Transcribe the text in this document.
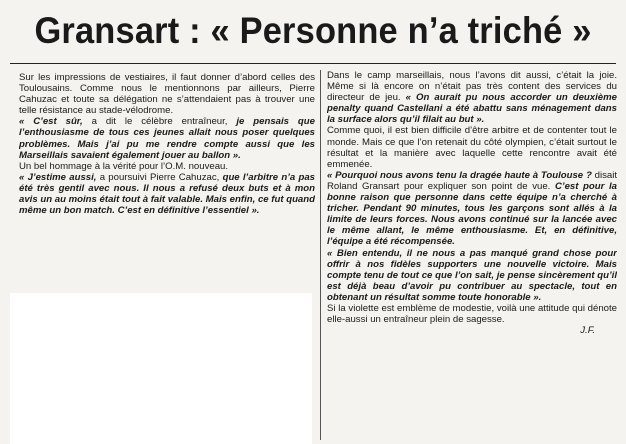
Gransart : « Personne n’a triché »

Sur les impressions de vestiaires, il faut donner d’abord celles des Toulousains. Comme nous le mentionnons par ailleurs, Pierre Cahuzac et toute sa délégation ne s’attendaient pas à trouver une telle résistance au stade-vélodrome.

« C’est sûr, a dit le célèbre entraîneur, je pensais que l’enthousiasme de tous ces jeunes allait nous poser quelques problèmes. Mais j’ai pu me rendre compte aussi que les Marseillais savaient également jouer au ballon ».

Un bel hommage à la vérité pour l’O.M. nouveau.

« J’estime aussi, a poursuivi Pierre Cahuzac, que l’arbitre n’a pas été très gentil avec nous. Il nous a refusé deux buts et à mon avis un au moins était tout à fait valable. Mais enfin, ce fut quand même un bon match. C’est en définitive l’essentiel ».

Dans le camp marseillais, nous l’avons dit aussi, c’était la joie. Même si là encore on n’était pas très content des services du directeur de jeu. « On aurait pu nous accorder un deuxième penalty quand Castellani a été abattu sans ménagement dans la surface alors qu’il filait au but ».

Comme quoi, il est bien difficile d’être arbitre et de contenter tout le monde. Mais ce que l’on retenait du côté olympien, c’était surtout le résultat et la manière avec laquelle cette rencontre avait été emmenée.

« Pourquoi nous avons tenu la dragée haute à Toulouse ? disait Roland Gransart pour expliquer son point de vue. C’est pour la bonne raison que personne dans cette équipe n’a cherché à tricher. Pendant 90 minutes, tous les garçons sont allés à la limite de leurs forces. Nous avons continué sur la lancée avec le même allant, le même enthousiasme. Et, en définitive, l’équipe a été récompensée.

« Bien entendu, il ne nous a pas manqué grand chose pour offrir à nos fidèles supporters une nouvelle victoire. Mais compte tenu de tout ce que l’on sait, je pense sincèrement qu’il est déjà beau d’avoir pu contribuer au spectacle, tout en obtenant un résultat somme toute honorable ».

Si la violette est emblème de modestie, voilà une attitude qui dénote elle-aussi un entraîneur plein de sagesse.

J.F.
